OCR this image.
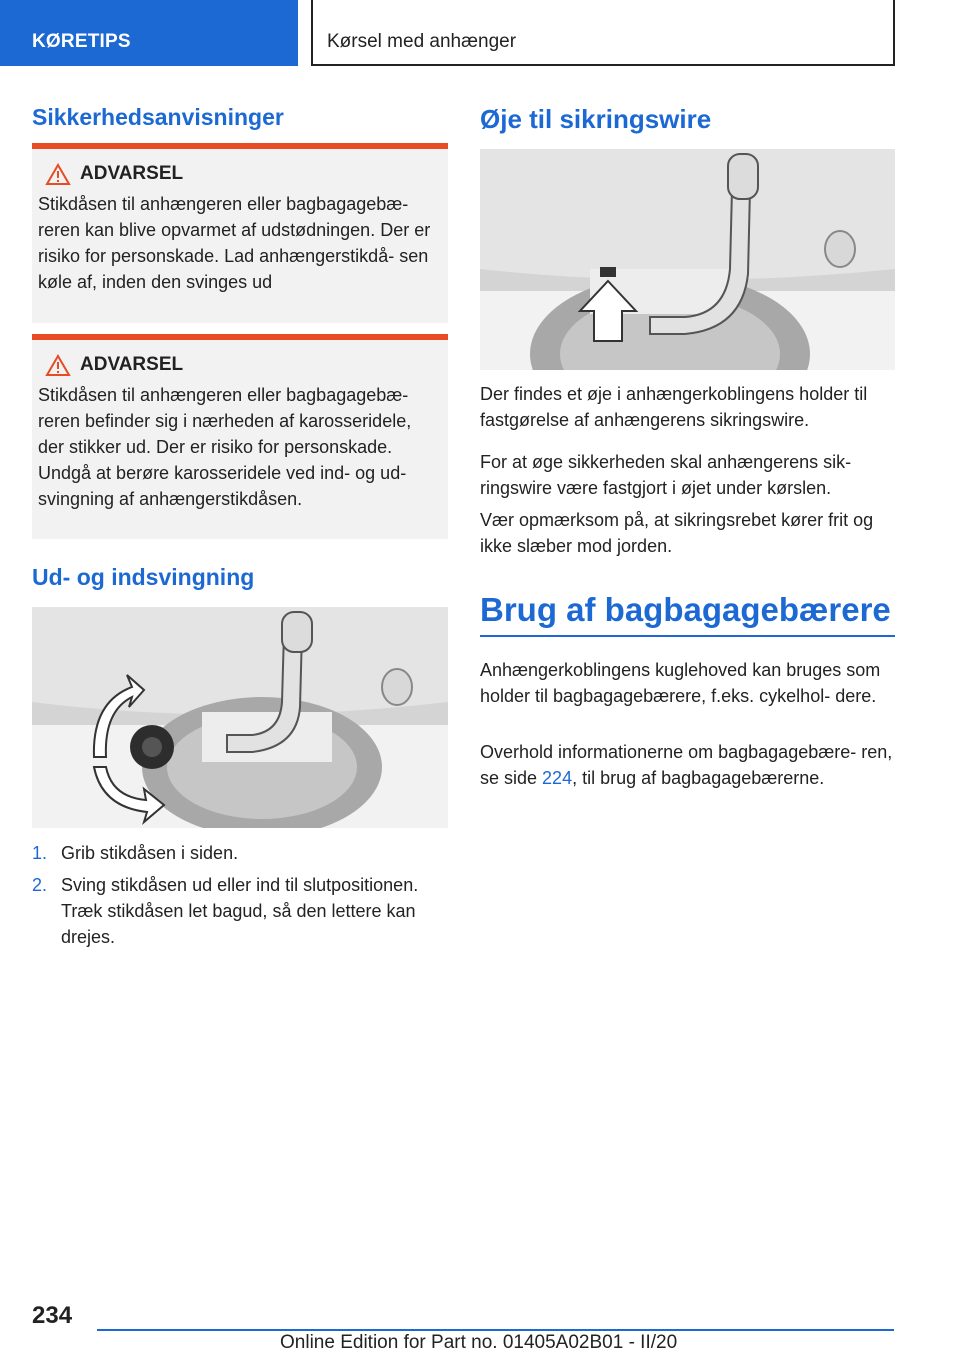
KØRETIPS	Kørsel med anhænger
Sikkerhedsanvisninger
ADVARSEL
Stikdåsen til anhængeren eller bagbagagebæ- reren kan blive opvarmet af udstødningen. Der er risiko for personskade. Lad anhængerstikdå- sen køle af, inden den svinges ud
ADVARSEL
Stikdåsen til anhængeren eller bagbagagebæ- reren befinder sig i nærheden af karosseridele, der stikker ud. Der er risiko for personskade. Undgå at berøre karosseridele ved ind- og ud- svingning af anhængerstikdåsen.
Ud- og indsvingning
1. Grib stikdåsen i siden.
2. Sving stikdåsen ud eller ind til slutpositionen. Træk stikdåsen let bagud, så den lettere kan drejes.
Øje til sikringswire
Der findes et øje i anhængerkoblingens holder til fastgørelse af anhængerens sikringswire.
For at øge sikkerheden skal anhængerens sik- ringswire være fastgjort i øjet under kørslen.
Vær opmærksom på, at sikringsrebet kører frit og ikke slæber mod jorden.
Brug af bagbagagebærere
Anhængerkoblingens kuglehoved kan bruges som holder til bagbagagebærere, f.eks. cykelhol- dere.
Overhold informationerne om bagbagagebære- ren, se side 224, til brug af bagbagagebærerne.
234
Online Edition for Part no. 01405A02B01 - II/20
